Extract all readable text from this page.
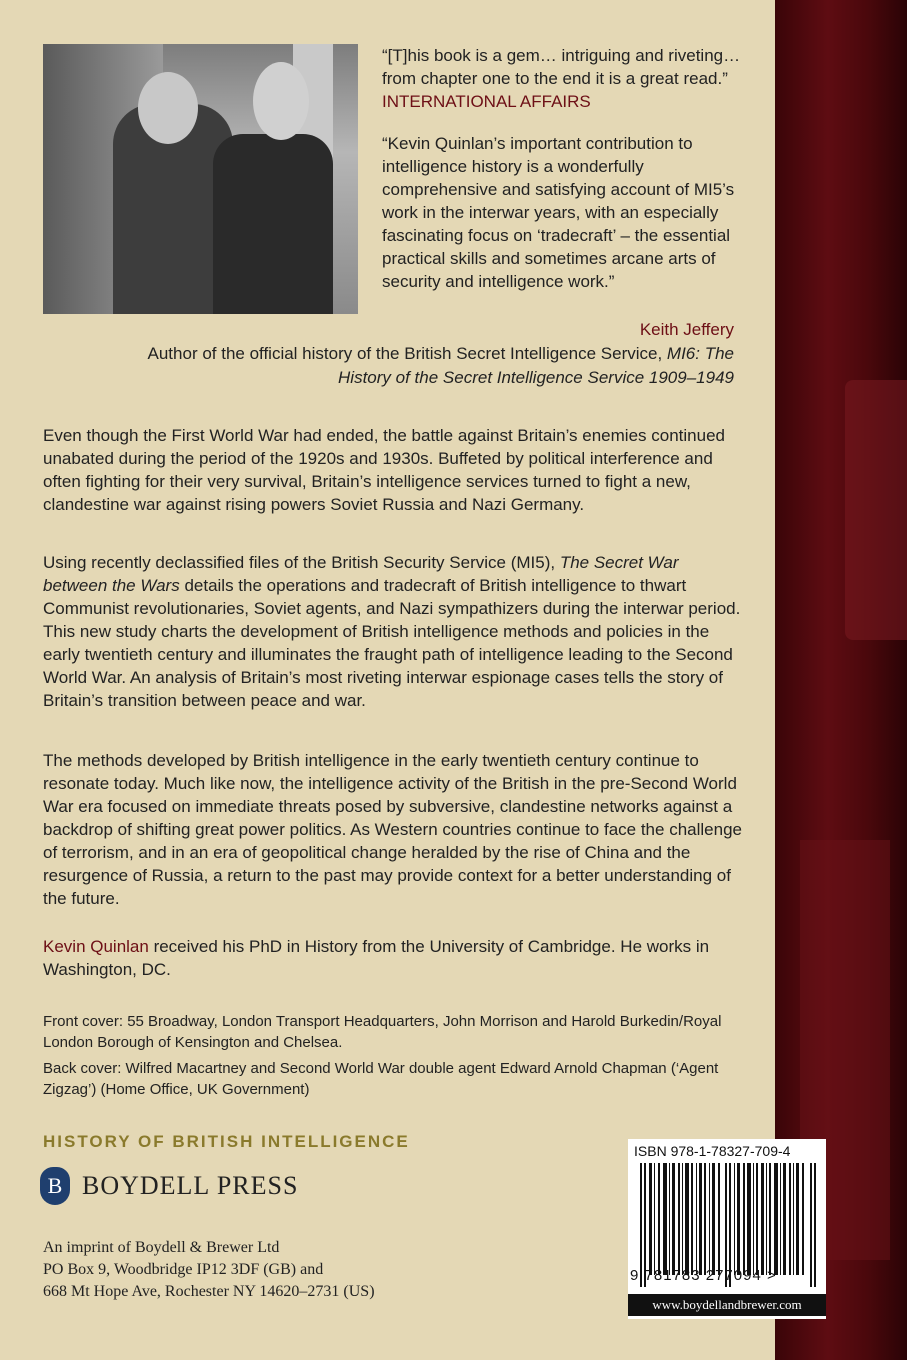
“[T]his book is a gem… intriguing and riveting… from chapter one to the end it is a great read.” INTERNATIONAL AFFAIRS
“Kevin Quinlan’s important contribution to intelligence history is a wonderfully comprehensive and satisfying account of MI5’s work in the interwar years, with an especially fascinating focus on ‘tradecraft’ – the essential practical skills and sometimes arcane arts of security and intelligence work.”
Keith Jeffery
Author of the official history of the British Secret Intelligence Service, MI6: The History of the Secret Intelligence Service 1909–1949
Even though the First World War had ended, the battle against Britain’s enemies continued unabated during the period of the 1920s and 1930s. Buffeted by political interference and often fighting for their very survival, Britain’s intelligence services turned to fight a new, clandestine war against rising powers Soviet Russia and Nazi Germany.
Using recently declassified files of the British Security Service (MI5), The Secret War between the Wars details the operations and tradecraft of British intelligence to thwart Communist revolutionaries, Soviet agents, and Nazi sympathizers during the interwar period. This new study charts the development of British intelligence methods and policies in the early twentieth century and illuminates the fraught path of intelligence leading to the Second World War. An analysis of Britain’s most riveting interwar espionage cases tells the story of Britain’s transition between peace and war.
The methods developed by British intelligence in the early twentieth century continue to resonate today. Much like now, the intelligence activity of the British in the pre-Second World War era focused on immediate threats posed by subversive, clandestine networks against a backdrop of shifting great power politics. As Western countries continue to face the challenge of terrorism, and in an era of geopolitical change heralded by the rise of China and the resurgence of Russia, a return to the past may provide context for a better understanding of the future.
Kevin Quinlan received his PhD in History from the University of Cambridge. He works in Washington, DC.
Front cover: 55 Broadway, London Transport Headquarters, John Morrison and Harold Burkedin/Royal London Borough of Kensington and Chelsea.
Back cover: Wilfred Macartney and Second World War double agent Edward Arnold Chapman (‘Agent Zigzag’) (Home Office, UK Government)
HISTORY OF BRITISH INTELLIGENCE
B BOYDELL PRESS
An imprint of Boydell & Brewer Ltd
PO Box 9, Woodbridge IP12 3DF (GB) and
668 Mt Hope Ave, Rochester NY 14620–2731 (US)
ISBN 978-1-78327-709-4
9 781783 277094 >
www.boydellandbrewer.com
